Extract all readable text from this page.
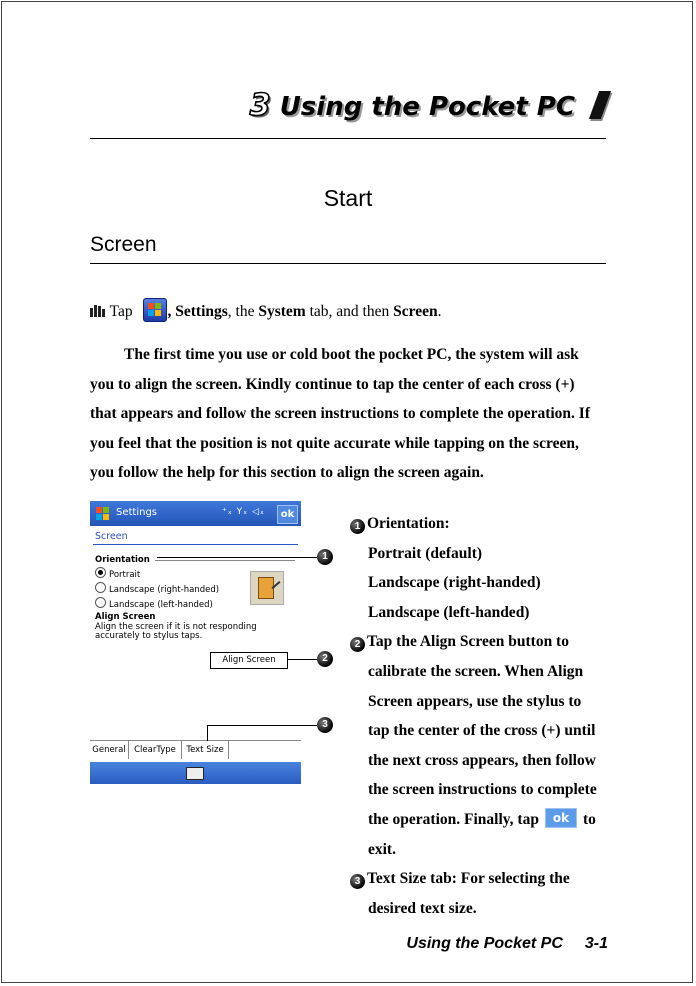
3 Using the Pocket PC
Start
Screen
Tap , Settings, the System tab, and then Screen.

The first time you use or cold boot the pocket PC, the system will ask you to align the screen. Kindly continue to tap the center of each cross (+) that appears and follow the screen instructions to complete the operation. If you feel that the position is not quite accurate while tapping on the screen, you follow the help for this section to align the screen again.

Settings	⁺ₓ Yₓ ◁ₓ	ok
Screen
Orientation
Portrait
Landscape (right-handed)
Landscape (left-handed)
Align Screen
Align the screen if it is not responding
accurately to stylus taps.
Align Screen
General ClearType	Text Size
1
2
3
1 Orientation:
Portrait (default)
Landscape (right-handed)
Landscape (left-handed)
2 Tap the Align Screen button to
calibrate the screen. When Align
Screen appears, use the stylus to
tap the center of the cross (+) until
the next cross appears, then follow
the screen instructions to complete
the operation. Finally, tap ok to
exit.
3 Text Size tab: For selecting the
desired text size.
Using the Pocket PC 3-1
